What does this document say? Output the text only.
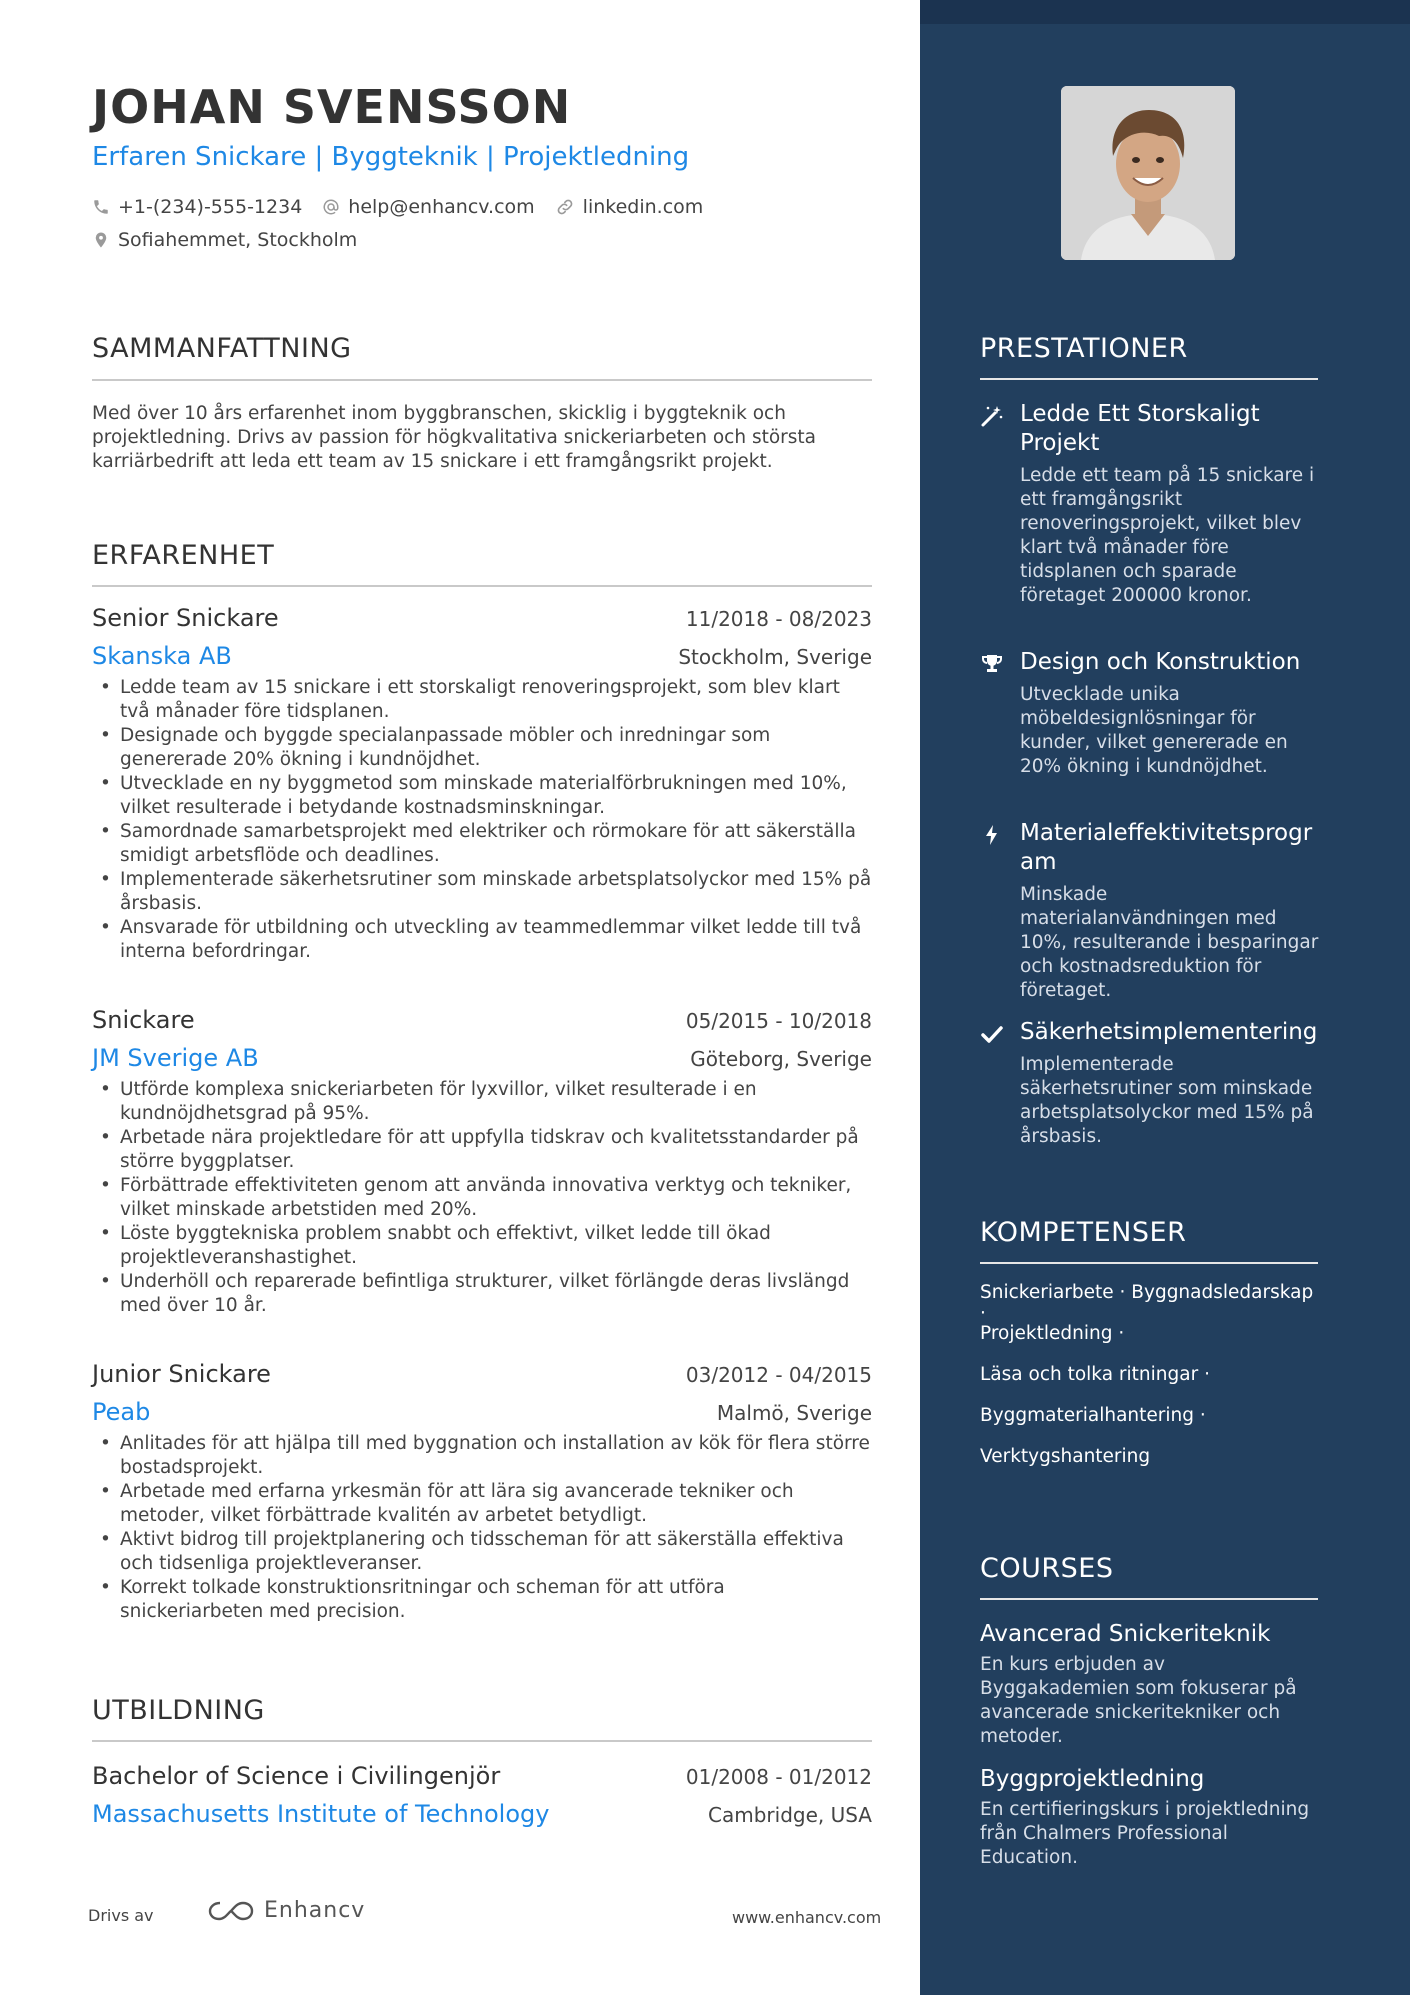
JOHAN SVENSSON
Erfaren Snickare | Byggteknik | Projektledning
+1-(234)-555-1234 help@enhancv.com	linkedin.com
Sofiahemmet, Stockholm
SAMMANFATTNING
Med över 10 års erfarenhet inom byggbranschen, skicklig i byggteknik och projektledning. Drivs av passion för högkvalitativa snickeriarbeten och största karriärbedrift att leda ett team av 15 snickare i ett framgångsrikt projekt.
ERFARENHET
Senior Snickare	11/2018 - 08/2023
Skanska AB	Stockholm, Sverige
• Ledde team av 15 snickare i ett storskaligt renoveringsprojekt, som blev klart två månader före tidsplanen.
• Designade och byggde specialanpassade möbler och inredningar som genererade 20% ökning i kundnöjdhet.
• Utvecklade en ny byggmetod som minskade materialförbrukningen med 10%, vilket resulterade i betydande kostnadsminskningar.
• Samordnade samarbetsprojekt med elektriker och rörmokare för att säkerställa smidigt arbetsflöde och deadlines.
• Implementerade säkerhetsrutiner som minskade arbetsplatsolyckor med 15% på årsbasis.
• Ansvarade för utbildning och utveckling av teammedlemmar vilket ledde till två interna befordringar.
Snickare	05/2015 - 10/2018
JM Sverige AB	Göteborg, Sverige
• Utförde komplexa snickeriarbeten för lyxvillor, vilket resulterade i en kundnöjdhetsgrad på 95%.
• Arbetade nära projektledare för att uppfylla tidskrav och kvalitetsstandarder på större byggplatser.
• Förbättrade effektiviteten genom att använda innovativa verktyg och tekniker, vilket minskade arbetstiden med 20%.
• Löste byggtekniska problem snabbt och effektivt, vilket ledde till ökad projektleveranshastighet.
• Underhöll och reparerade befintliga strukturer, vilket förlängde deras livslängd med över 10 år.
Junior Snickare	03/2012 - 04/2015
Peab	Malmö, Sverige
• Anlitades för att hjälpa till med byggnation och installation av kök för flera större bostadsprojekt.
• Arbetade med erfarna yrkesmän för att lära sig avancerade tekniker och metoder, vilket förbättrade kvalitén av arbetet betydligt.
• Aktivt bidrog till projektplanering och tidsscheman för att säkerställa effektiva och tidsenliga projektleveranser.
• Korrekt tolkade konstruktionsritningar och scheman för att utföra snickeriarbeten med precision.
UTBILDNING
Bachelor of Science i Civilingenjör	01/2008 - 01/2012
Massachusetts Institute of Technology	Cambridge, USA
Drivs av	Enhancv	www.enhancv.com
PRESTATIONER
Ledde Ett Storskaligt Projekt
Ledde ett team på 15 snickare i ett framgångsrikt renoveringsprojekt, vilket blev klart två månader före tidsplanen och sparade företaget 200000 kronor.
Design och Konstruktion
Utvecklade unika möbeldesignlösningar för kunder, vilket genererade en 20% ökning i kundnöjdhet.
Materialeffektivitetsprogram
Minskade materialanvändningen med 10%, resulterande i besparingar och kostnadsreduktion för företaget.
Säkerhetsimplementering
Implementerade säkerhetsrutiner som minskade arbetsplatsolyckor med 15% på årsbasis.
KOMPETENSER
Snickeriarbete · Byggnadsledarskap ·
Projektledning ·
Läsa och tolka ritningar ·
Byggmaterialhantering ·
Verktygshantering
COURSES
Avancerad Snickeriteknik
En kurs erbjuden av Byggakademien som fokuserar på avancerade snickeritekniker och metoder.
Byggprojektledning
En certifieringskurs i projektledning från Chalmers Professional Education.
